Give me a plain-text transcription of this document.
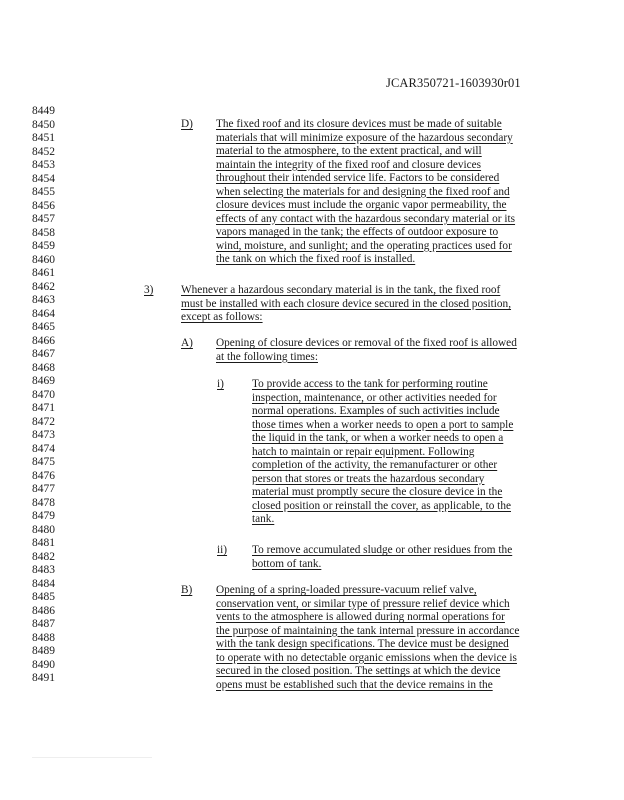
JCAR350721-1603930r01
8449
8450
8451
8452
8453
8454
8455
8456
8457
8458
8459
8460
8461
8462
8463
8464
8465
8466
8467
8468
8469
8470
8471
8472
8473
8474
8475
8476
8477
8478
8479
8480
8481
8482
8483
8484
8485
8486
8487
8488
8489
8490
8491
D) The fixed roof and its closure devices must be made of suitable
materials that will minimize exposure of the hazardous secondary
material to the atmosphere, to the extent practical, and will
maintain the integrity of the fixed roof and closure devices
throughout their intended service life. Factors to be considered
when selecting the materials for and designing the fixed roof and
closure devices must include the organic vapor permeability, the
effects of any contact with the hazardous secondary material or its
vapors managed in the tank; the effects of outdoor exposure to
wind, moisture, and sunlight; and the operating practices used for
the tank on which the fixed roof is installed.
3) Whenever a hazardous secondary material is in the tank, the fixed roof
must be installed with each closure device secured in the closed position,
except as follows:
A) Opening of closure devices or removal of the fixed roof is allowed
at the following times:
i) To provide access to the tank for performing routine
inspection, maintenance, or other activities needed for
normal operations. Examples of such activities include
those times when a worker needs to open a port to sample
the liquid in the tank, or when a worker needs to open a
hatch to maintain or repair equipment. Following
completion of the activity, the remanufacturer or other
person that stores or treats the hazardous secondary
material must promptly secure the closure device in the
closed position or reinstall the cover, as applicable, to the
tank.
ii) To remove accumulated sludge or other residues from the
bottom of tank.
B) Opening of a spring-loaded pressure-vacuum relief valve,
conservation vent, or similar type of pressure relief device which
vents to the atmosphere is allowed during normal operations for
the purpose of maintaining the tank internal pressure in accordance
with the tank design specifications. The device must be designed
to operate with no detectable organic emissions when the device is
secured in the closed position. The settings at which the device
opens must be established such that the device remains in the
